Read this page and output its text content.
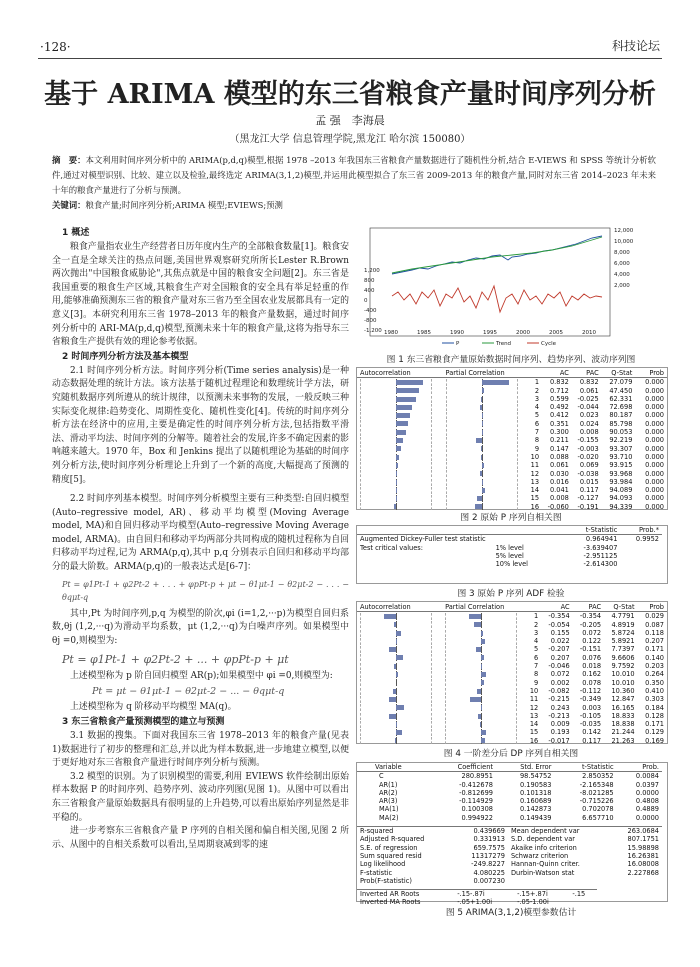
·128·	科技论坛
基于 ARIMA 模型的东三省粮食产量时间序列分析
孟 强　李海晨
（黑龙江大学 信息管理学院,黑龙江 哈尔滨 150080）
摘　要：本文利用时间序列分析中的 ARIMA(p,d,q)模型,根据 1978 –2013 年我国东三省粮食产量数据进行了随机性分析,结合 E-VIEWS 和 SPSS 等统计分析软件,通过对模型识别、比较、建立以及检验,最终选定 ARIMA(3,1,2)模型,并运用此模型拟合了东三省 2009-2013 年的粮食产量,同时对东三省 2014–2023 年未来十年的粮食产量进行了分析与预测。
关键词：粮食产量;时间序列分析;ARIMA 模型;EVIEWS;预测
1 概述

粮食产量指农业生产经营者日历年度内生产的全部粮食数量[1]。粮食安全一直是全球关注的热点问题,美国世界观察研究所所长Lester R.Brown 两次抛出"中国粮食威胁论",其焦点就是中国的粮食安全问题[2]。东三省是我国重要的粮食生产区域,其粮食生产对全国粮食的安全具有举足轻重的作用,能够准确预测东三省的粮食产量对东三省乃至全国农业发展都具有一定的意义[3]。本研究利用东三省 1978–2013 年的粮食产量数据，通过时间序列分析中的 ARI-MA(p,d,q)模型,预测未来十年的粮食产量,这将为指导东三省粮食生产提供有效的理论参考依据。

2 时间序列分析方法及基本模型

2.1 时间序列分析方法。时间序列分析(Time series analysis)是一种动态数据处理的统计方法。该方法基于随机过程理论和数理统计学方法，研究随机数据序列所遵从的统计规律，以预测未来事物的发展，一般反映三种实际变化规律:趋势变化、周期性变化、随机性变化[4]。传统的时间序列分析方法在经济中的应用,主要是确定性的时间序列分析方法,包括指数平滑法、滑动平均法、时间序列的分解等。随着社会的发展,许多不确定因素的影响越来越大。1970 年，Box 和 Jenkins 提出了以随机理论为基础的时间序列分析方法,使时间序列分析理论上升到了一个新的高度,大幅提高了预测的精度[5]。

2.2 时间序列基本模型。时间序列分析模型主要有三种类型:自回归模型(Auto–regressive model, AR)、移动平均模型(Moving Average model, MA)和自回归移动平均模型(Auto–regressive Moving Average model, ARMA)。由自回归和移动平均两部分共同构成的随机过程称为自回归移动平均过程,记为 ARMA(p,q),其中 p,q 分别表示自回归和移动平均部分的最大阶数。ARMA(p,q)的一般表达式是[6-7]：

Pt = φ1Pt-1 + φ2Pt-2 + . . . + φpPt-p + μt − θ1μt-1 − θ2μt-2 − . . . − θqμt-q

其中,Pt 为时间序列,p,q 为模型的阶次,φi (i=1,2,···p)为模型自回归系数,θj (1,2,···q)为滑动平均系数，μt (1,2,···q)为白噪声序列。如果模型中 θj =0,则模型为:

Pt = φ1Pt-1 + φ2Pt-2 + ... + φpPt-p + μt

上述模型称为 p 阶自回归模型 AR(p);如果模型中 φi =0,则模型为:

Pt = μt − θ1μt-1 − θ2μt-2 − ... − θqμt-q

上述模型称为 q 阶移动平均模型 MA(q)。

3 东三省粮食产量预测模型的建立与预测

3.1 数据的搜集。下面对我国东三省 1978–2013 年的粮食产量(见表 1)数据进行了初步的整理和汇总,并以此为样本数据,进一步地建立模型,以便于更好地对东三省粮食产量进行时间序列分析与预测。

3.2 模型的识别。为了识别模型的需要,利用 EVIEWS 软件绘制出原始样本数据 P 的时间序列、趋势序列、波动序列图(见图 1)。从图中可以看出东三省粮食产量原始数据具有很明显的上升趋势,可以看出原始序列显然是非平稳的。

进一步考察东三省粮食产量 P 序列的自相关图和偏自相关图,见图 2 所示、从图中的自相关系数可以看出,呈周期衰减到零的速

1,200
800
400
0
-400
-800
-1,200
12,000
10,000
8,000
6,000
4,000
2,000
1980	1985	1990	1995	2000	2005	2010
P	Trend	Cycle
图 1 东三省粮食产量原始数据时间序列、趋势序列、波动序列图
Autocorrelation	Partial Correlation		AC	PAC	Q-Stat	Prob

	1	0.832	0.832	27.079	0.000

	2	0.712	0.061	47.450	0.000

	3	0.599	-0.025	62.331	0.000

	4	0.492	-0.044	72.698	0.000

	5	0.412	0.023	80.187	0.000

	6	0.351	0.024	85.798	0.000

	7	0.300	0.008	90.053	0.000

	8	0.211	-0.155	92.219	0.000

	9	0.147	-0.003	93.307	0.000

	10	0.088	-0.020	93.710	0.000

	11	0.061	0.069	93.915	0.000

	12	0.030	-0.038	93.968	0.000

	13	0.016	0.015	93.984	0.000

	14	0.041	0.117	94.089	0.000

	15	0.008	-0.127	94.093	0.000

	16	-0.060	-0.191	94.339	0.000
图 2 原始 P 序列自相关图
		t-Statistic	Prob.*
Augmented Dickey-Fuller test statistic		0.964941	0.9952
Test critical values:	1% level	-3.639407	
	5% level	-2.951125	
	10% level	-2.614300	
图 3 原始 P 序列 ADF 检验
Autocorrelation	Partial Correlation		AC	PAC	Q-Stat	Prob

	1	-0.354	-0.354	4.7791	0.029

	2	-0.054	-0.205	4.8919	0.087

	3	0.155	0.072	5.8724	0.118

	4	0.022	0.122	5.8921	0.207

	5	-0.207	-0.151	7.7397	0.171

	6	0.207	0.076	9.6606	0.140

	7	-0.046	0.018	9.7592	0.203

	8	0.072	0.162	10.010	0.264

	9	0.002	0.078	10.010	0.350

	10	-0.082	-0.112	10.360	0.410

	11	-0.215	-0.349	12.847	0.303

	12	0.243	0.003	16.165	0.184

	13	-0.213	-0.105	18.833	0.128

	14	0.009	-0.035	18.838	0.171

	15	0.193	0.142	21.244	0.129

	16	-0.017	0.117	21.263	0.169
图 4 一阶差分后 DP 序列自相关图
Variable	Coefficient	Std. Error	t-Statistic	Prob.
C	280.8951	98.54752	2.850352	0.0084
AR(1)	-0.412678	0.190583	-2.165348	0.0397
AR(2)	-0.812699	0.101318	-8.021285	0.0000
AR(3)	-0.114929	0.160689	-0.715226	0.4808
MA(1)	0.100308	0.142873	0.702078	0.4889
MA(2)	0.994922	0.149439	6.657710	0.0000
R-squared	0.439669	Mean dependent var	263.0684
Adjusted R-squared	0.331913	S.D. dependent var	807.1751
S.E. of regression	659.7575	Akaike info criterion	15.98898
Sum squared resid	11317279	Schwarz criterion	16.26381
Log likelihood	-249.8227	Hannan-Quinn criter.	16.08008
F-statistic	4.080225	Durbin-Watson stat	2.227868
Prob(F-statistic)	0.007230		
Inverted AR Roots	-.15-.87i	-.15+.87i	-.15
Inverted MA Roots	-.05+1.00i	-.05-1.00i	
图 5 ARIMA(3,1,2)模型参数估计
